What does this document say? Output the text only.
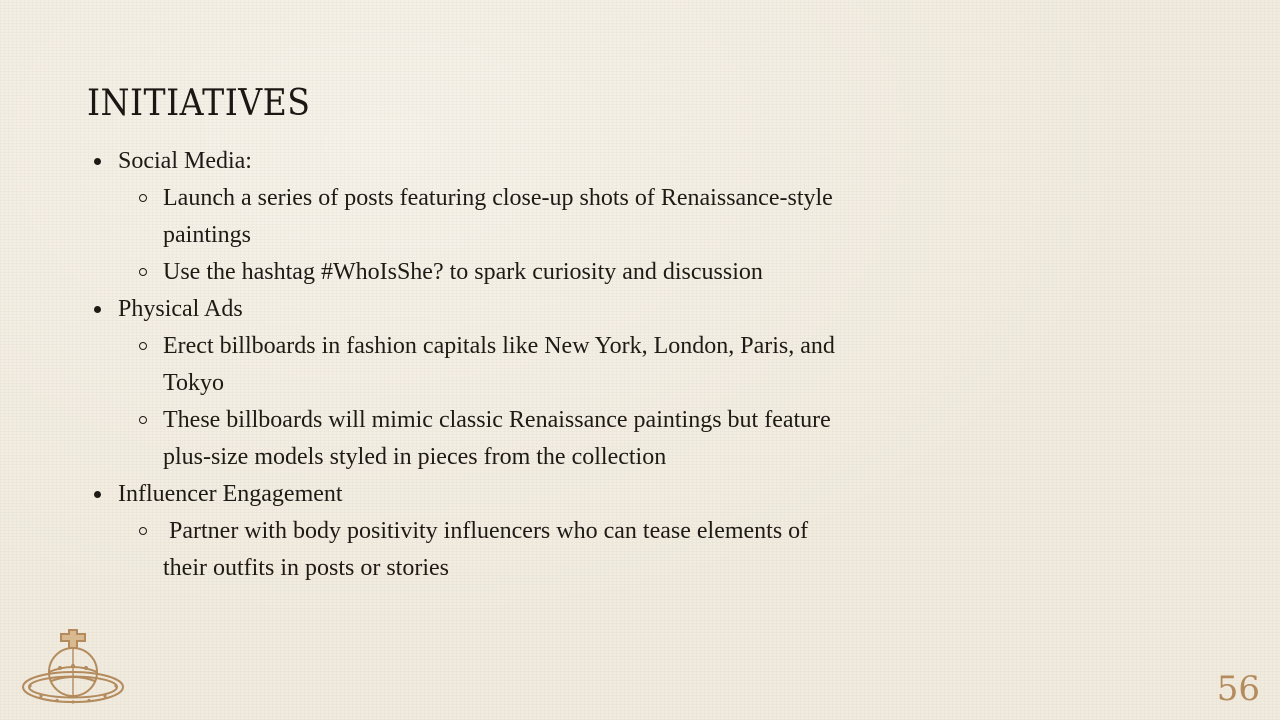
INITIATIVES
Social Media:
Launch a series of posts featuring close-up shots of Renaissance-style paintings
Use the hashtag #WhoIsShe? to spark curiosity and discussion
Physical Ads
Erect billboards in fashion capitals like New York, London, Paris, and Tokyo
These billboards will mimic classic Renaissance paintings but feature plus-size models styled in pieces from the collection
Influencer Engagement
Partner with body positivity influencers who can tease elements of their outfits in posts or stories
56
